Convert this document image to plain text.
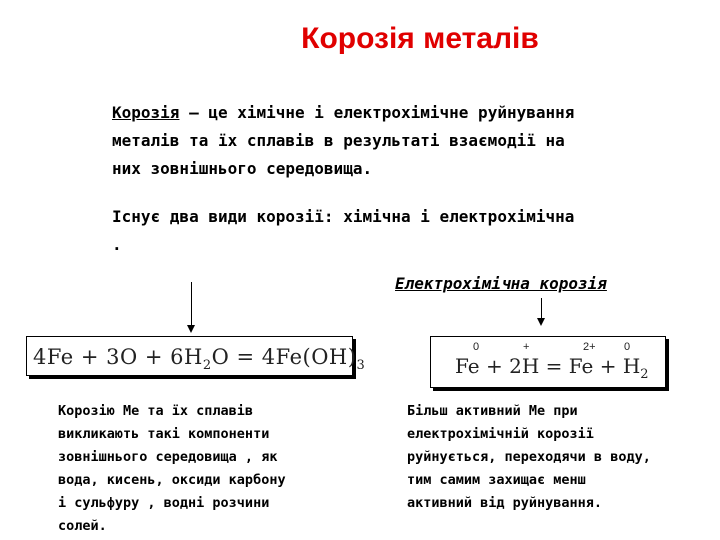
Корозія металів
Корозія – це хімічне і електрохімічне руйнування
металів та їх сплавів в результаті взаємодії на
них зовнішнього середовища.
Існує два види корозії: хімічна і електрохімічна
.
Електрохімічна корозія
$4Fe + 3O + 6H_2O = 4Fe(OH)_3$
0	+	2+	0
$Fe + 2H = Fe + H_2$
Корозію Ме та їх сплавів
викликають такі компоненти
зовнішнього середовища , як
вода, кисень, оксиди карбону
і сульфуру , водні розчини
солей.
Більш активний Ме при
електрохімічній корозії
руйнується, переходячи в воду,
тим самим захищає менш
активний від руйнування.
